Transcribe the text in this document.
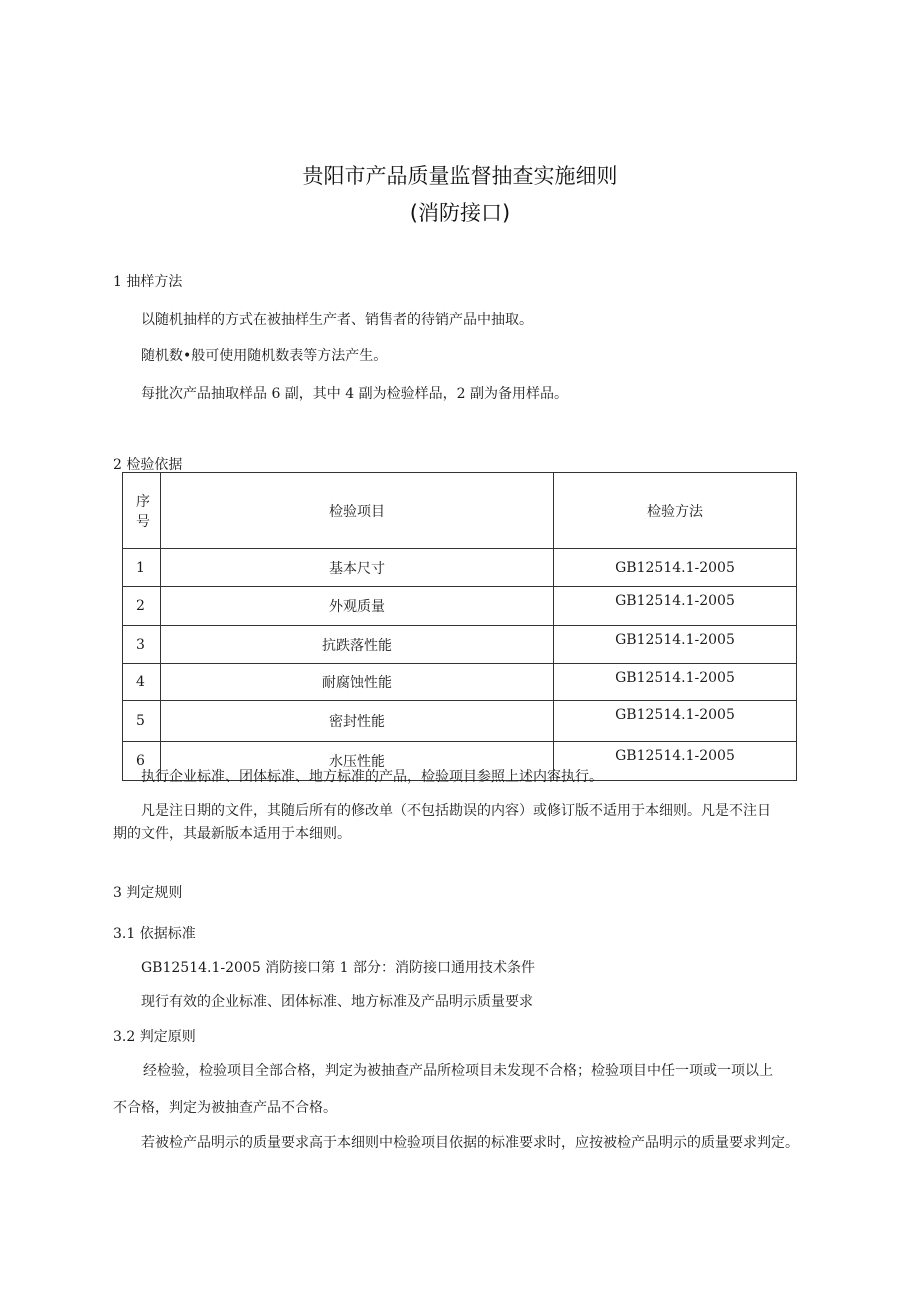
贵阳市产品质量监督抽查实施细则
(消防接口)
1 抽样方法
以随机抽样的方式在被抽样生产者、销售者的待销产品中抽取。
随机数•般可使用随机数表等方法产生。
每批次产品抽取样品 6 副，其中 4 副为检验样品，2 副为备用样品。
2 检验依据
序号	检验项目	检验方法
1	基本尺寸	GB12514.1-2005
2	外观质量	GB12514.1-2005
3	抗跌落性能	GB12514.1-2005
4	耐腐蚀性能	GB12514.1-2005
5	密封性能	GB12514.1-2005
6	水压性能	GB12514.1-2005
执行企业标准、团体标准、地方标准的产品，检验项目参照上述内容执行。
凡是注日期的文件，其随后所有的修改单（不包括勘误的内容）或修订版不适用于本细则。凡是不注日
期的文件，其最新版本适用于本细则。
3 判定规则
3.1 依据标准
GB12514.1-2005 消防接口第 1 部分：消防接口通用技术条件
现行有效的企业标准、团体标准、地方标准及产品明示质量要求
3.2 判定原则
经检验，检验项目全部合格，判定为被抽查产品所检项目未发现不合格；检验项目中任一项或一项以上
不合格，判定为被抽查产品不合格。
若被检产品明示的质量要求高于本细则中检验项目依据的标准要求时，应按被检产品明示的质量要求判定。
